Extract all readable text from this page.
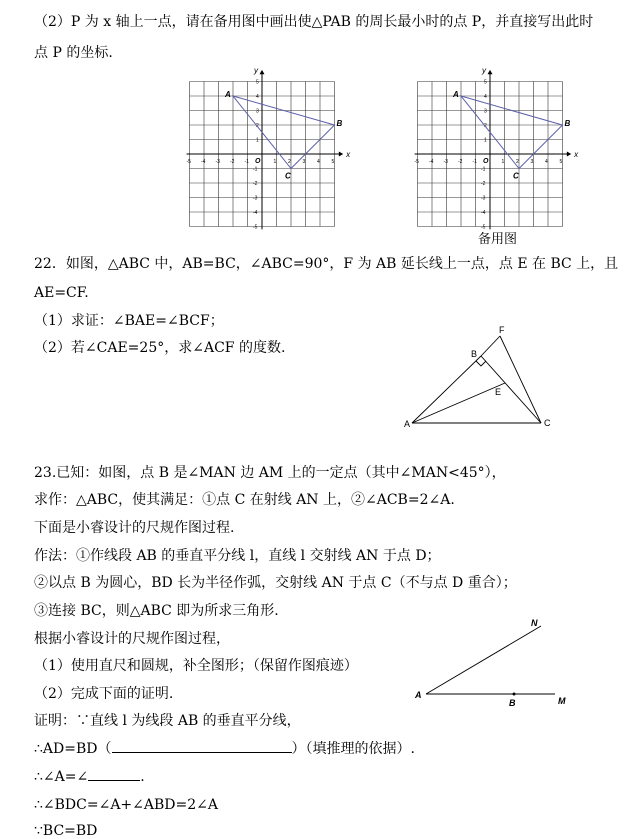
（2）P 为 x 轴上一点，请在备用图中画出使△PAB 的周长最小时的点 P，并直接写出此时
点 P 的坐标.
x
y
O
-5 -4 -3 -2 -1	1 2 3 4 5
5
4
3
2
1
-1
-2
-3
-4
-5
A
B
C
x
y
O
-5 -4 -3 -2 -1	1 2 3 4 5
5
4
3
2
1
-1
-2
-3
-4
-5
A
B
C
备用图
22．如图，△ABC 中，AB=BC，∠ABC=90°，F 为 AB 延长线上一点，点 E 在 BC 上，且
AE=CF.
（1）求证：∠BAE=∠BCF；
（2）若∠CAE=25°，求∠ACF 的度数.
A
B
C
E
F
23.已知：如图，点 B 是∠MAN 边 AM 上的一定点（其中∠MAN<45°），
求作：△ABC，使其满足：①点 C 在射线 AN 上，②∠ACB=2∠A.
下面是小睿设计的尺规作图过程.
作法：①作线段 AB 的垂直平分线 l，直线 l 交射线 AN 于点 D；
②以点 B 为圆心，BD 长为半径作弧，交射线 AN 于点 C（不与点 D 重合）；
③连接 BC，则△ABC 即为所求三角形.
根据小睿设计的尺规作图过程，
（1）使用直尺和圆规，补全图形；（保留作图痕迹）
（2）完成下面的证明.
证明：∵直线 l 为线段 AB 的垂直平分线，
∴AD=BD（	）（填推理的依据）.
∴∠A=∠	.
∴∠BDC=∠A+∠ABD=2∠A
∵BC=BD
A
B	M
N
